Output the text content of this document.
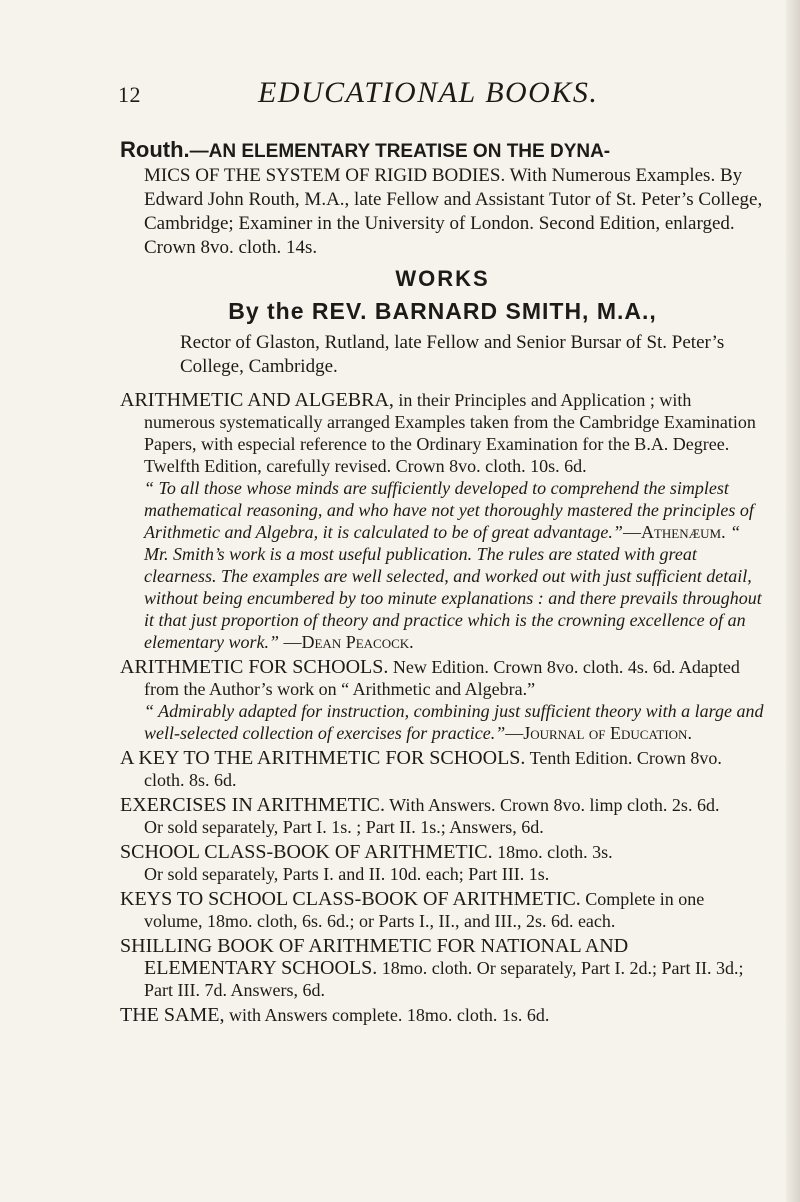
12	EDUCATIONAL BOOKS.

Routh.—AN ELEMENTARY TREATISE ON THE DYNA-
MICS OF THE SYSTEM OF RIGID BODIES. With Numerous Examples. By Edward John Routh, M.A., late Fellow and Assistant Tutor of St. Peter’s College, Cambridge; Examiner in the University of London. Second Edition, enlarged. Crown 8vo. cloth. 14s.

WORKS

By the REV. BARNARD SMITH, M.A.,

Rector of Glaston, Rutland, late Fellow and Senior Bursar of St. Peter’s College, Cambridge.

ARITHMETIC AND ALGEBRA, in their Principles and Application ; with numerous systematically arranged Examples taken from the Cambridge Examination Papers, with especial reference to the Ordinary Examination for the B.A. Degree. Twelfth Edition, carefully revised. Crown 8vo. cloth. 10s. 6d.

“ To all those whose minds are sufficiently developed to comprehend the simplest mathematical reasoning, and who have not yet thoroughly mastered the principles of Arithmetic and Algebra, it is calculated to be of great advantage.”—Athenæum. “ Mr. Smith’s work is a most useful publication. The rules are stated with great clearness. The examples are well selected, and worked out with just sufficient detail, without being encumbered by too minute explanations : and there prevails throughout it that just proportion of theory and practice which is the crowning excellence of an elementary work.” —Dean Peacock.

ARITHMETIC FOR SCHOOLS. New Edition. Crown 8vo. cloth. 4s. 6d. Adapted from the Author’s work on “ Arithmetic and Algebra.”

“ Admirably adapted for instruction, combining just sufficient theory with a large and well-selected collection of exercises for practice.”—Journal of Education.

A KEY TO THE ARITHMETIC FOR SCHOOLS. Tenth Edition. Crown 8vo. cloth. 8s. 6d.

EXERCISES IN ARITHMETIC. With Answers. Crown 8vo. limp cloth. 2s. 6d.

Or sold separately, Part I. 1s. ; Part II. 1s.; Answers, 6d.

SCHOOL CLASS-BOOK OF ARITHMETIC. 18mo. cloth. 3s.

Or sold separately, Parts I. and II. 10d. each; Part III. 1s.

KEYS TO SCHOOL CLASS-BOOK OF ARITHMETIC. Complete in one volume, 18mo. cloth, 6s. 6d.; or Parts I., II., and III., 2s. 6d. each.

SHILLING BOOK OF ARITHMETIC FOR NATIONAL AND ELEMENTARY SCHOOLS. 18mo. cloth. Or separately, Part I. 2d.; Part II. 3d.; Part III. 7d. Answers, 6d.

THE SAME, with Answers complete. 18mo. cloth. 1s. 6d.
